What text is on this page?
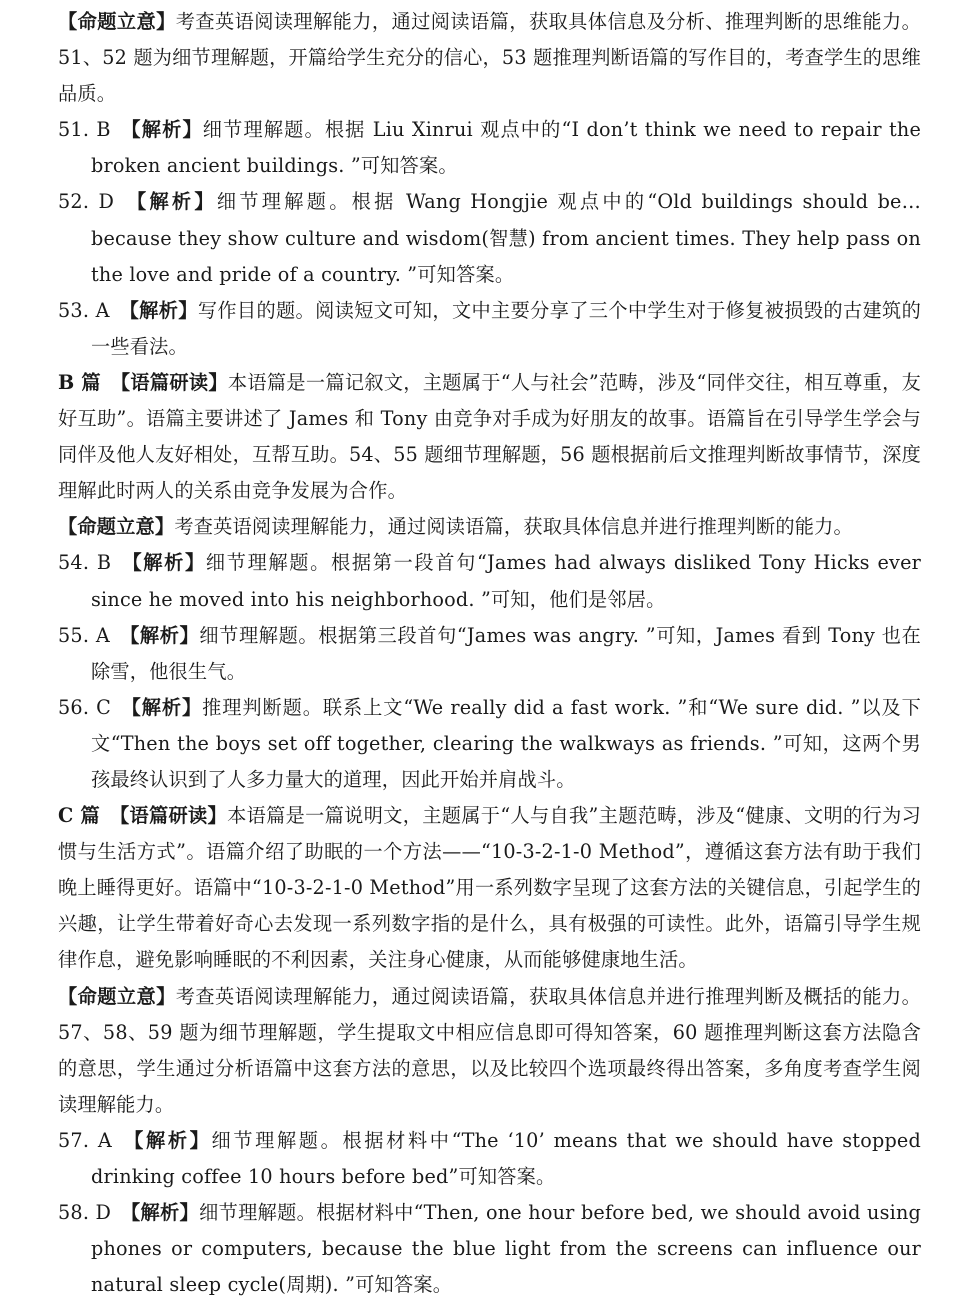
【命题立意】考查英语阅读理解能力，通过阅读语篇，获取具体信息及分析、推理判断的思维能力。51、52 题为细节理解题，开篇给学生充分的信心，53 题推理判断语篇的写作目的，考查学生的思维品质。

51. B  【解析】细节理解题。根据 Liu Xinrui 观点中的“I don’t think we need to repair the broken ancient buildings. ”可知答案。

52. D  【解析】细节理解题。根据 Wang Hongjie 观点中的“Old buildings should be… because they show culture and wisdom(智慧) from ancient times. They help pass on the love and pride of a country. ”可知答案。

53. A  【解析】写作目的题。阅读短文可知，文中主要分享了三个中学生对于修复被损毁的古建筑的一些看法。

B 篇  【语篇研读】本语篇是一篇记叙文，主题属于“人与社会”范畴，涉及“同伴交往，相互尊重，友好互助”。语篇主要讲述了 James 和 Tony 由竞争对手成为好朋友的故事。语篇旨在引导学生学会与同伴及他人友好相处，互帮互助。54、55 题细节理解题，56 题根据前后文推理判断故事情节，深度理解此时两人的关系由竞争发展为合作。

【命题立意】考查英语阅读理解能力，通过阅读语篇，获取具体信息并进行推理判断的能力。

54. B  【解析】细节理解题。根据第一段首句“James had always disliked Tony Hicks ever since he moved into his neighborhood. ”可知，他们是邻居。

55. A  【解析】细节理解题。根据第三段首句“James was angry. ”可知，James 看到 Tony 也在除雪，他很生气。

56. C  【解析】推理判断题。联系上文“We really did a fast work. ”和“We sure did. ”以及下文“Then the boys set off together, clearing the walkways as friends. ”可知，这两个男孩最终认识到了人多力量大的道理，因此开始并肩战斗。

C 篇  【语篇研读】本语篇是一篇说明文，主题属于“人与自我”主题范畴，涉及“健康、文明的行为习惯与生活方式”。语篇介绍了助眠的一个方法——“10-3-2-1-0 Method”，遵循这套方法有助于我们晚上睡得更好。语篇中“10-3-2-1-0 Method”用一系列数字呈现了这套方法的关键信息，引起学生的兴趣，让学生带着好奇心去发现一系列数字指的是什么，具有极强的可读性。此外，语篇引导学生规律作息，避免影响睡眠的不利因素，关注身心健康，从而能够健康地生活。

【命题立意】考查英语阅读理解能力，通过阅读语篇，获取具体信息并进行推理判断及概括的能力。57、58、59 题为细节理解题，学生提取文中相应信息即可得知答案，60 题推理判断这套方法隐含的意思，学生通过分析语篇中这套方法的意思，以及比较四个选项最终得出答案，多角度考查学生阅读理解能力。

57. A  【解析】细节理解题。根据材料中“The ‘10’ means that we should have stopped drinking coffee 10 hours before bed”可知答案。

58. D  【解析】细节理解题。根据材料中“Then, one hour before bed, we should avoid using phones or computers, because the blue light from the screens can influence our natural sleep cycle(周期). ”可知答案。
